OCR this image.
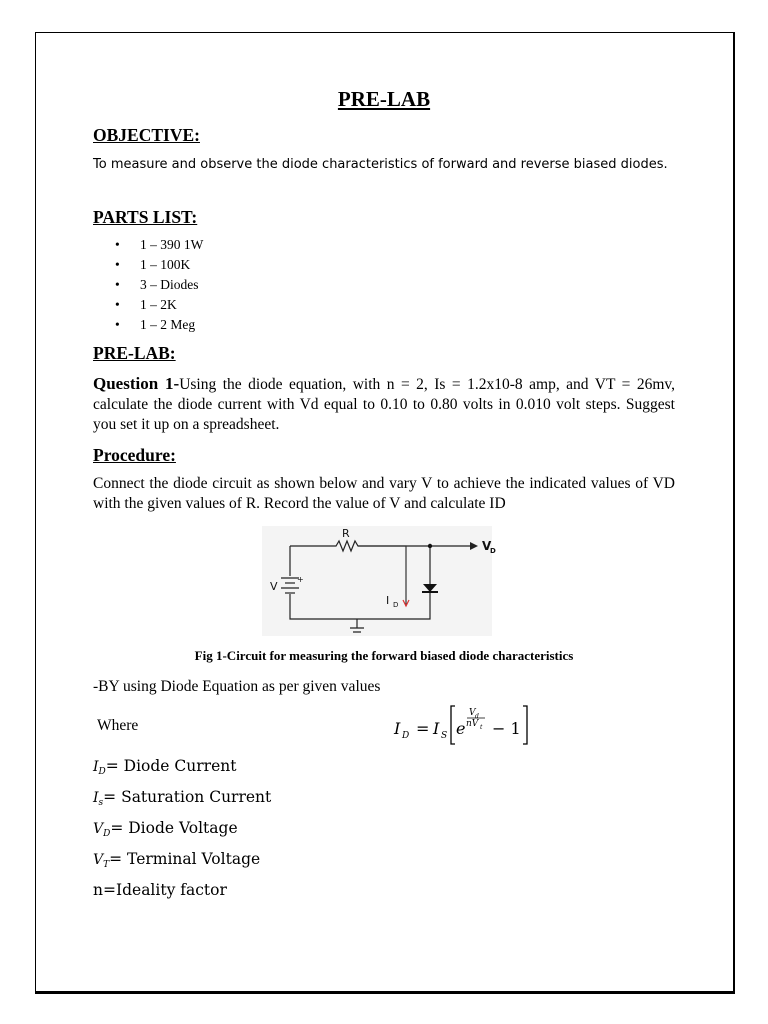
PRE-LAB
OBJECTIVE:

To measure and observe the diode characteristics of forward and reverse biased diodes.

PARTS LIST:
• 1 – 390 1W
• 1 – 100K
• 3 – Diodes
• 1 – 2K
• 1 – 2 Meg
PRE-LAB:

Question 1-Using the diode equation, with n = 2, Is = 1.2x10-8 amp, and VT = 26mv, calculate the diode current with Vd equal to 0.10 to 0.80 volts in 0.010 volt steps. Suggest you set it up on a spreadsheet.

Procedure:

Connect the diode circuit as shown below and vary V to achieve the indicated values of VD with the given values of R. Record the value of V and calculate ID

R
V
D
V
+
I D
Fig 1-Circuit for measuring the forward biased diode characteristics

-BY using Diode Equation as per given values

Where	I D = I S e
V d
nV t − 1
$I_D=$ Diode Current
$I_s=$ Saturation Current
$V_D=$ Diode Voltage
$V_T=$ Terminal Voltage
n=Ideality factor
